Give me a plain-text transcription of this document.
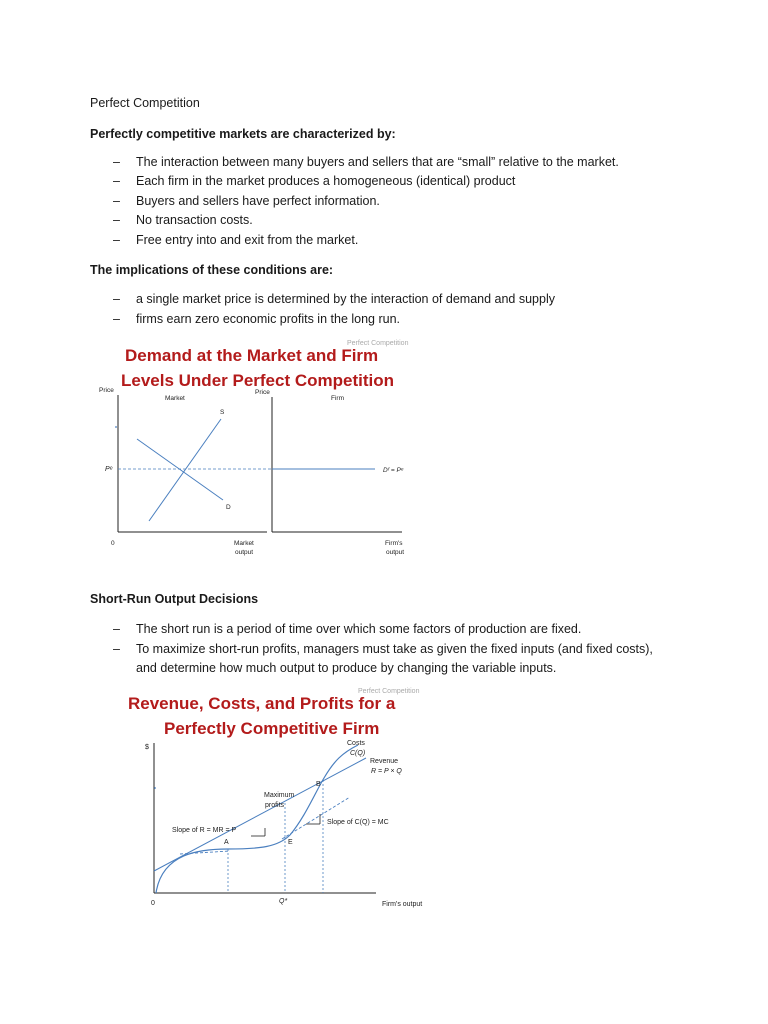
Perfect Competition
Perfectly competitive markets are characterized by:
– The interaction between many buyers and sellers that are “small” relative to the market.
– Each firm in the market produces a homogeneous (identical) product
– Buyers and sellers have perfect information.
– No transaction costs.
– Free entry into and exit from the market.
The implications of these conditions are:
– a single market price is determined by the interaction of demand and supply
– firms earn zero economic profits in the long run.
Perfect Competition
Demand at the Market and Firm
Levels Under Perfect Competition
Price
Market
S
D
Pᵉ
0	Market
output
Price
Firm
Dᶠ = Pᵉ
Firm's
output
Short-Run Output Decisions
– The short run is a period of time over which some factors of production are fixed.
– To maximize short-run profits, managers must take as given the fixed inputs (and fixed costs),
and determine how much output to produce by changing the variable inputs.
Perfect Competition
Revenue, Costs, and Profits for a
Perfectly Competitive Firm
$
Costs
C(Q)
Revenue
R = P × Q
B
Maximum
profits
Slope of R = MR = P
Slope of C(Q) = MC
A	E
0	Q*	Firm's output
